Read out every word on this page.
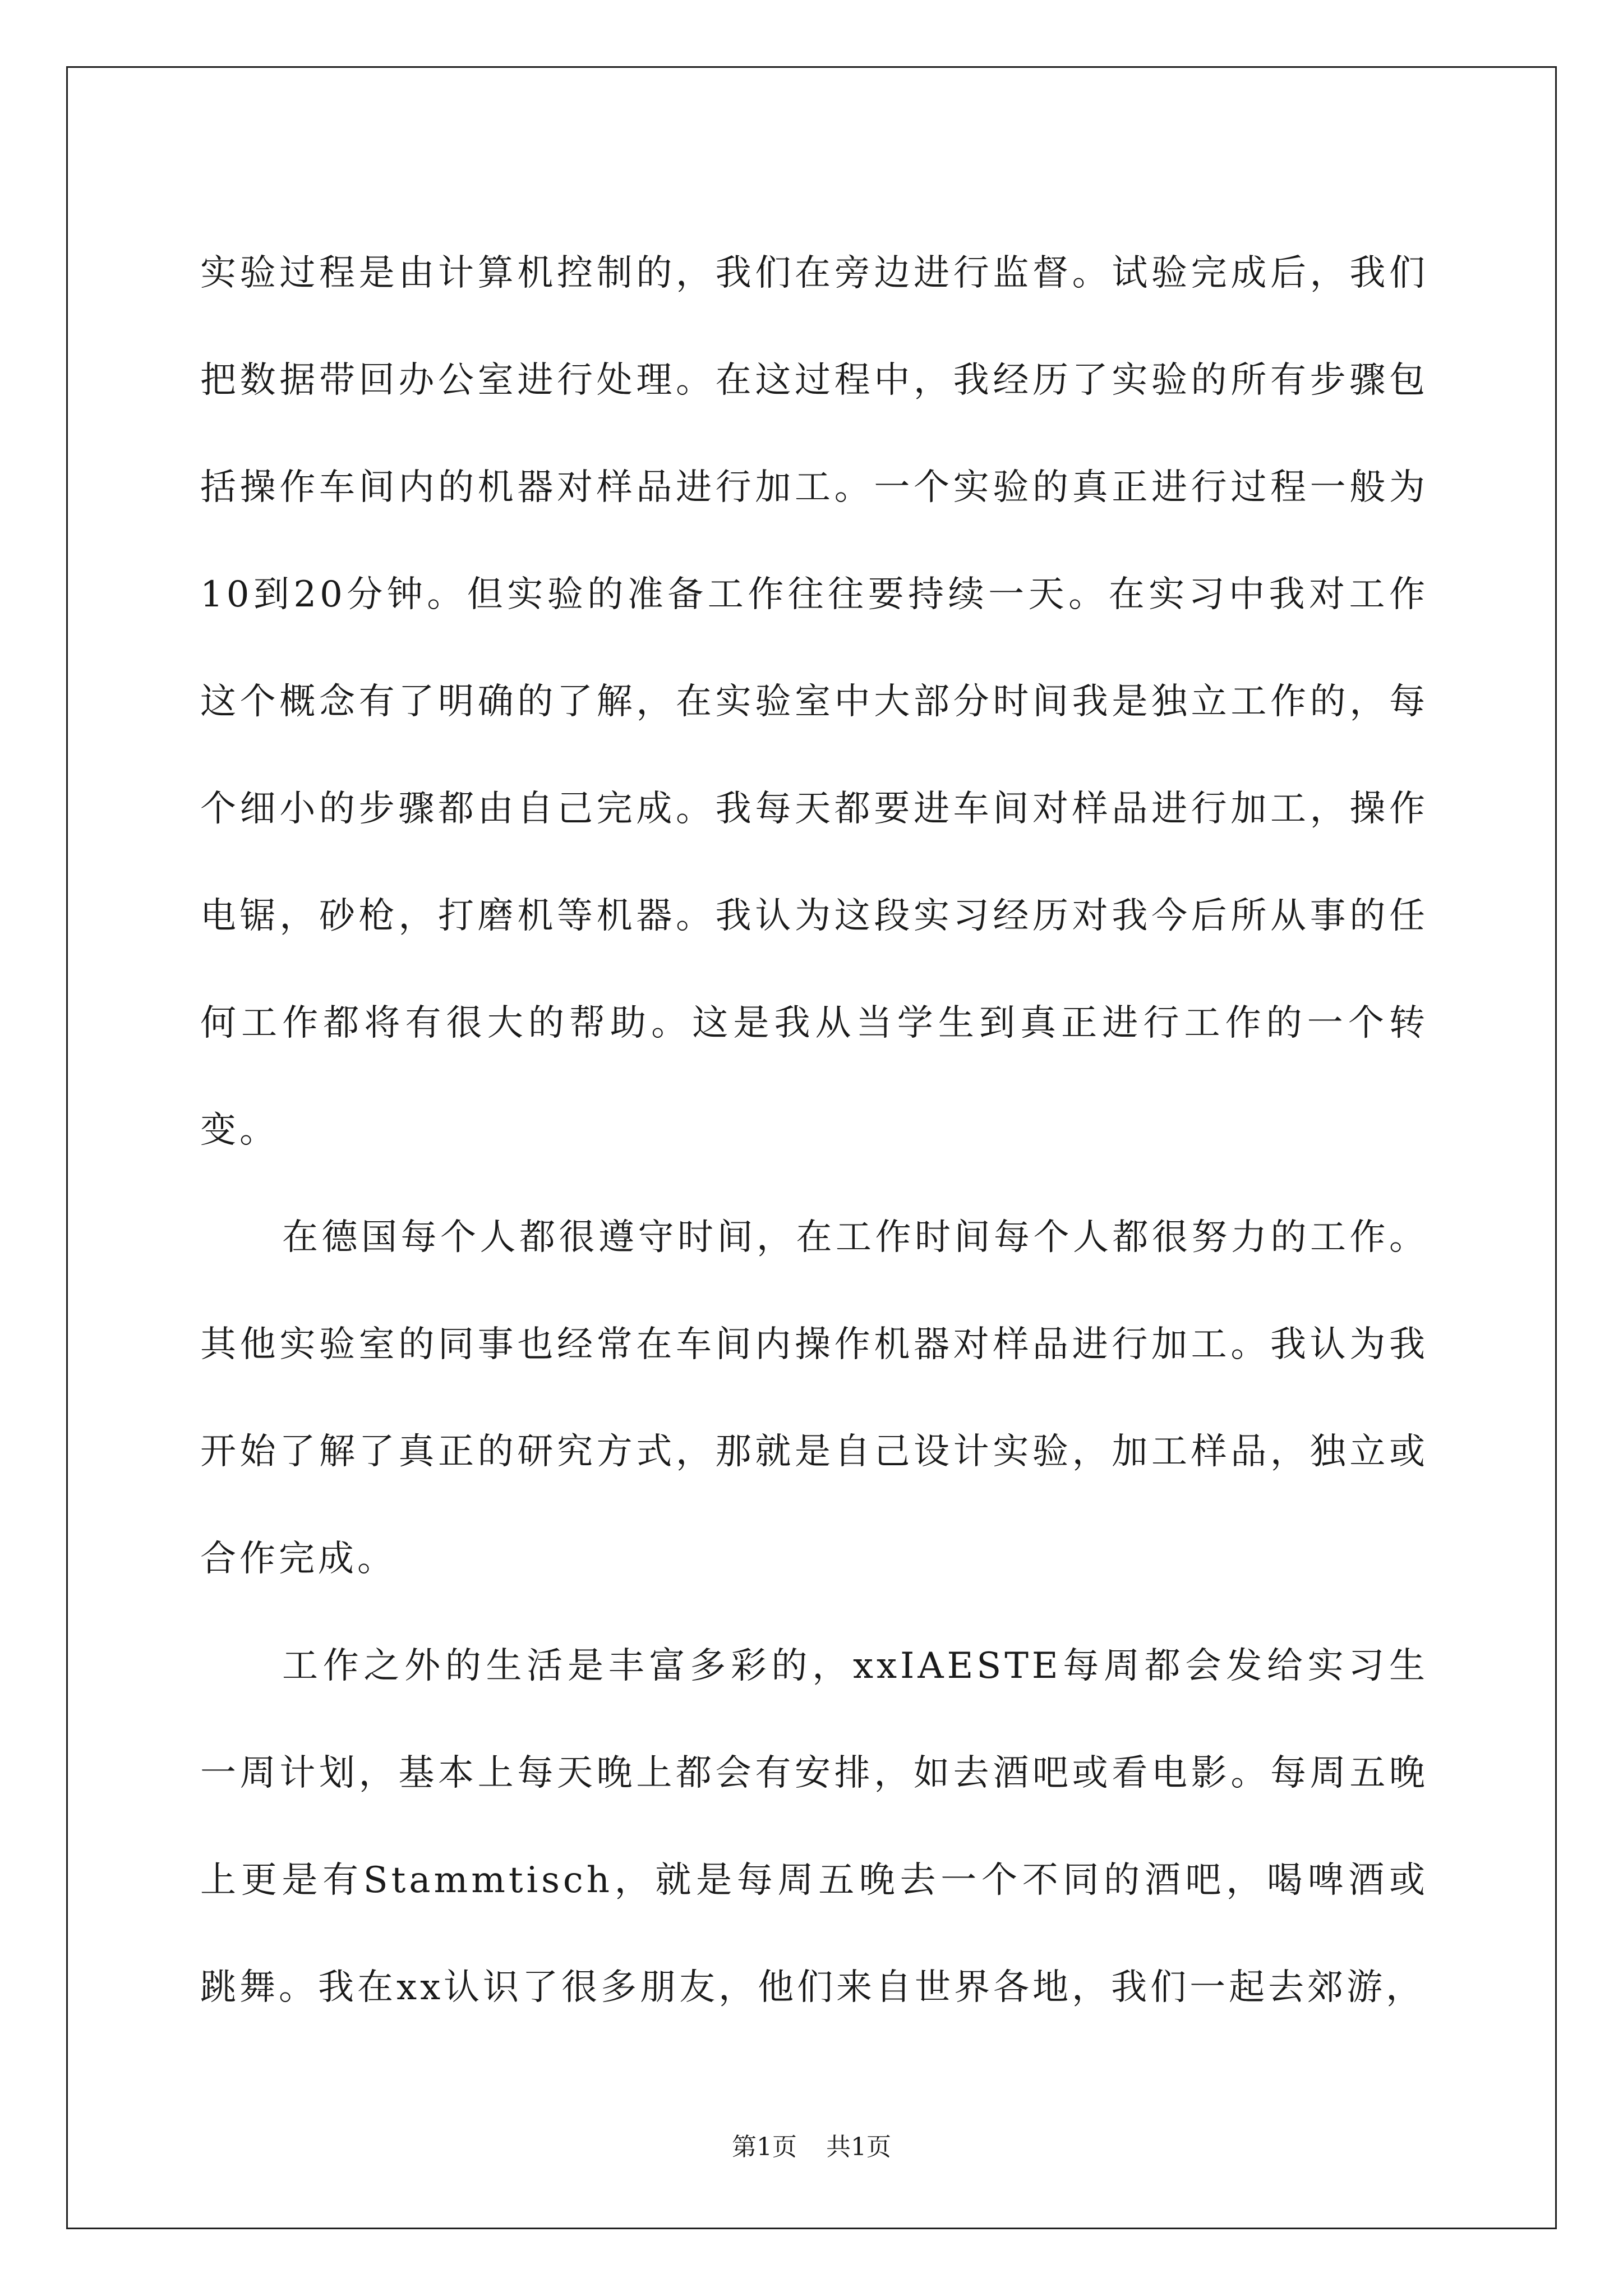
实验过程是由计算机控制的，我们在旁边进行监督。试验完成后，我们把数据带回办公室进行处理。在这过程中，我经历了实验的所有步骤包括操作车间内的机器对样品进行加工。一个实验的真正进行过程一般为10到20分钟。但实验的准备工作往往要持续一天。在实习中我对工作这个概念有了明确的了解，在实验室中大部分时间我是独立工作的，每个细小的步骤都由自己完成。我每天都要进车间对样品进行加工，操作电锯，砂枪，打磨机等机器。我认为这段实习经历对我今后所从事的任何工作都将有很大的帮助。这是我从当学生到真正进行工作的一个转变。

在德国每个人都很遵守时间，在工作时间每个人都很努力的工作。其他实验室的同事也经常在车间内操作机器对样品进行加工。我认为我开始了解了真正的研究方式，那就是自己设计实验，加工样品，独立或合作完成。

工作之外的生活是丰富多彩的，xxIAESTE每周都会发给实习生一周计划，基本上每天晚上都会有安排，如去酒吧或看电影。每周五晚上更是有Stammtisch，就是每周五晚去一个不同的酒吧，喝啤酒或跳舞。我在xx认识了很多朋友，他们来自世界各地，我们一起去郊游，

第1页 共1页
